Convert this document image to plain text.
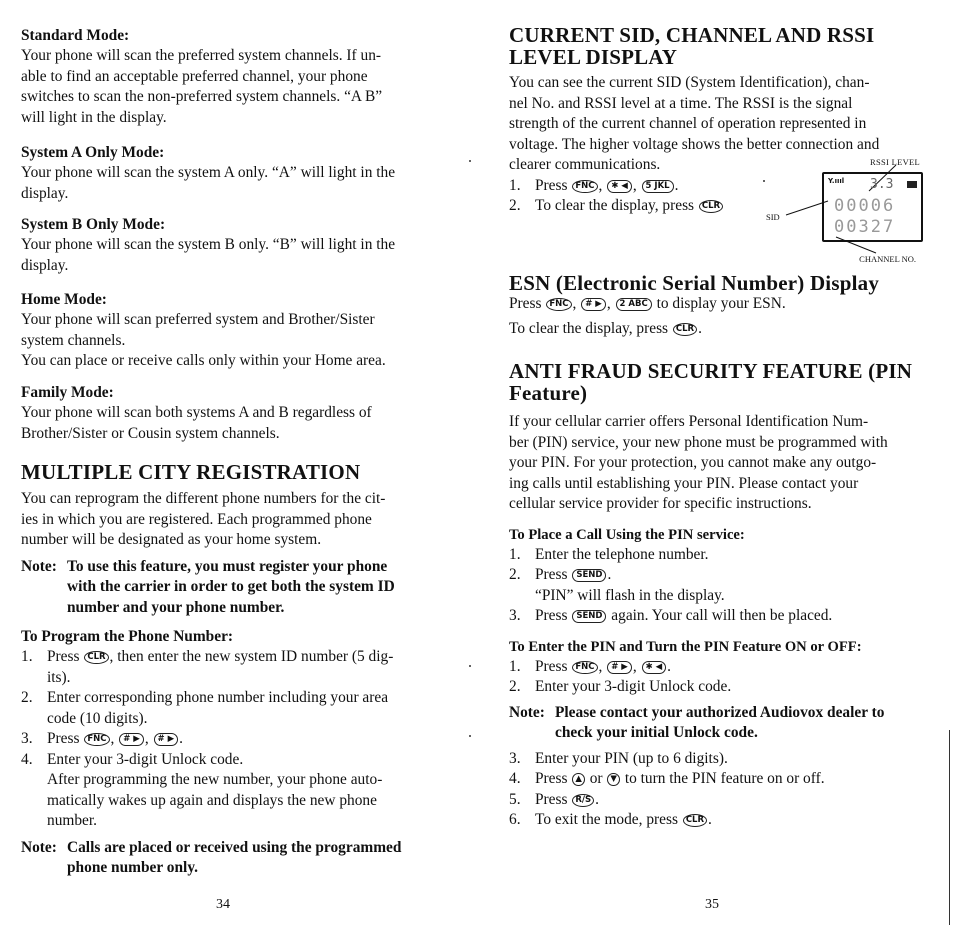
Standard Mode:

Your phone will scan the preferred system channels. If un-

able to find an acceptable preferred channel, your phone

switches to scan the non-preferred system channels. “A B”

will light in the display.

System A Only Mode:

Your phone will scan the system A only. “A” will light in the

display.

System B Only Mode:

Your phone will scan the system B only. “B” will light in the

display.

Home Mode:

Your phone will scan preferred system and Brother/Sister

system channels.

You can place or receive calls only within your Home area.

Family Mode:

Your phone will scan both systems A and B regardless of

Brother/Sister or Cousin system channels.

MULTIPLE CITY REGISTRATION

You can reprogram the different phone numbers for the cit-

ies in which you are registered. Each programmed phone

number will be designated as your home system.

Note: To use this feature, you must register your phone
with the carrier in order to get both the system ID
number and your phone number.
To Program the Phone Number:
1. Press CLR , then enter the new system ID number (5 dig-
its).
2. Enter corresponding phone number including your area
code (10 digits).
3. Press FNC , # ▶ , # ▶ .
4. Enter your 3-digit Unlock code.
After programming the new number, your phone auto-
matically wakes up again and displays the new phone
number.
Note: Calls are placed or received using the programmed
phone number only.
34
CURRENT SID, CHANNEL AND RSSI
LEVEL DISPLAY

You can see the current SID (System Identification), chan-

nel No. and RSSI level at a time. The RSSI is the signal

strength of the current channel of operation represented in

voltage. The higher voltage shows the better connection and

clearer communications.

1. Press FNC , ✱ ◀ , 5 JKL .
2. To clear the display, press CLR
ESN (Electronic Serial Number) Display

Press FNC , # ▶ , 2 ABC to display your ESN.

To clear the display, press CLR .

ANTI FRAUD SECURITY FEATURE (PIN
Feature)

If your cellular carrier offers Personal Identification Num-

ber (PIN) service, your new phone must be programmed with

your PIN. For your protection, you cannot make any outgo-

ing calls until establishing your PIN. Please contact your

cellular service provider for specific instructions.

To Place a Call Using the PIN service:
1. Enter the telephone number.
2. Press SEND .
“PIN” will flash in the display.
3. Press SEND again. Your call will then be placed.
To Enter the PIN and Turn the PIN Feature ON or OFF:
1. Press FNC , # ▶ , ✱ ◀ .
2. Enter your 3-digit Unlock code.
Note: Please contact your authorized Audiovox dealer to
check your initial Unlock code.
3. Enter your PIN (up to 6 digits).
4. Press ▲ or ▼ to turn the PIN feature on or off.
5. Press R/S .
6. To exit the mode, press CLR .
35
RSSI LEVEL
SID
CHANNEL NO.
Y.ıııl 3.3
00006
00327
